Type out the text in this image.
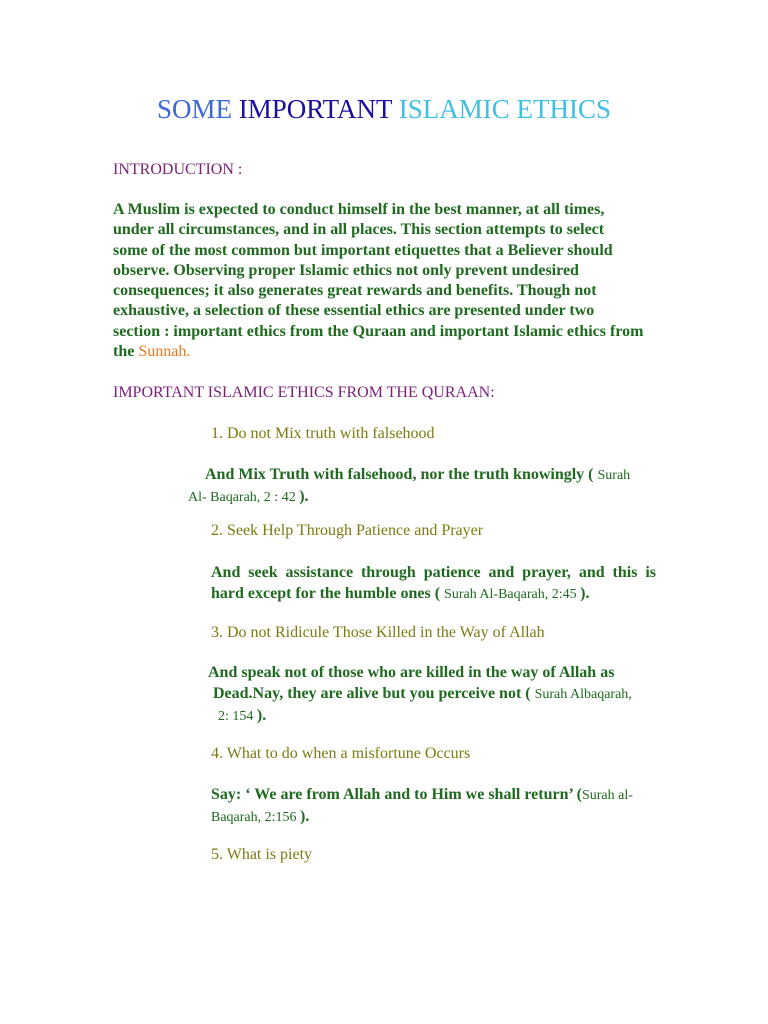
SOME IMPORTANT ISLAMIC ETHICS
INTRODUCTION :
A Muslim is expected to conduct himself in the best manner, at all times,
under all circumstances, and in all places. This section attempts to select
some of the most common but important etiquettes that a Believer should
observe. Observing proper Islamic ethics not only prevent undesired
consequences; it also generates great rewards and benefits. Though not
exhaustive, a selection of these essential ethics are presented under two
section : important ethics from the Quraan and important Islamic ethics from
the Sunnah.
IMPORTANT ISLAMIC ETHICS FROM THE QURAAN:
1. Do not Mix truth with falsehood
And Mix Truth with falsehood, nor the truth knowingly ( Surah
Al- Baqarah, 2 : 42 ).
2. Seek Help Through Patience and Prayer
And seek assistance through patience and prayer, and this is
hard except for the humble ones ( Surah Al-Baqarah, 2:45 ).
3. Do not Ridicule Those Killed in the Way of Allah
And speak not of those who are killed in the way of Allah as
Dead.Nay, they are alive but you perceive not ( Surah Albaqarah,
2: 154 ).
4. What to do when a misfortune Occurs
Say: ‘ We are from Allah and to Him we shall return’ (Surah al-
Baqarah, 2:156 ).
5. What is piety
